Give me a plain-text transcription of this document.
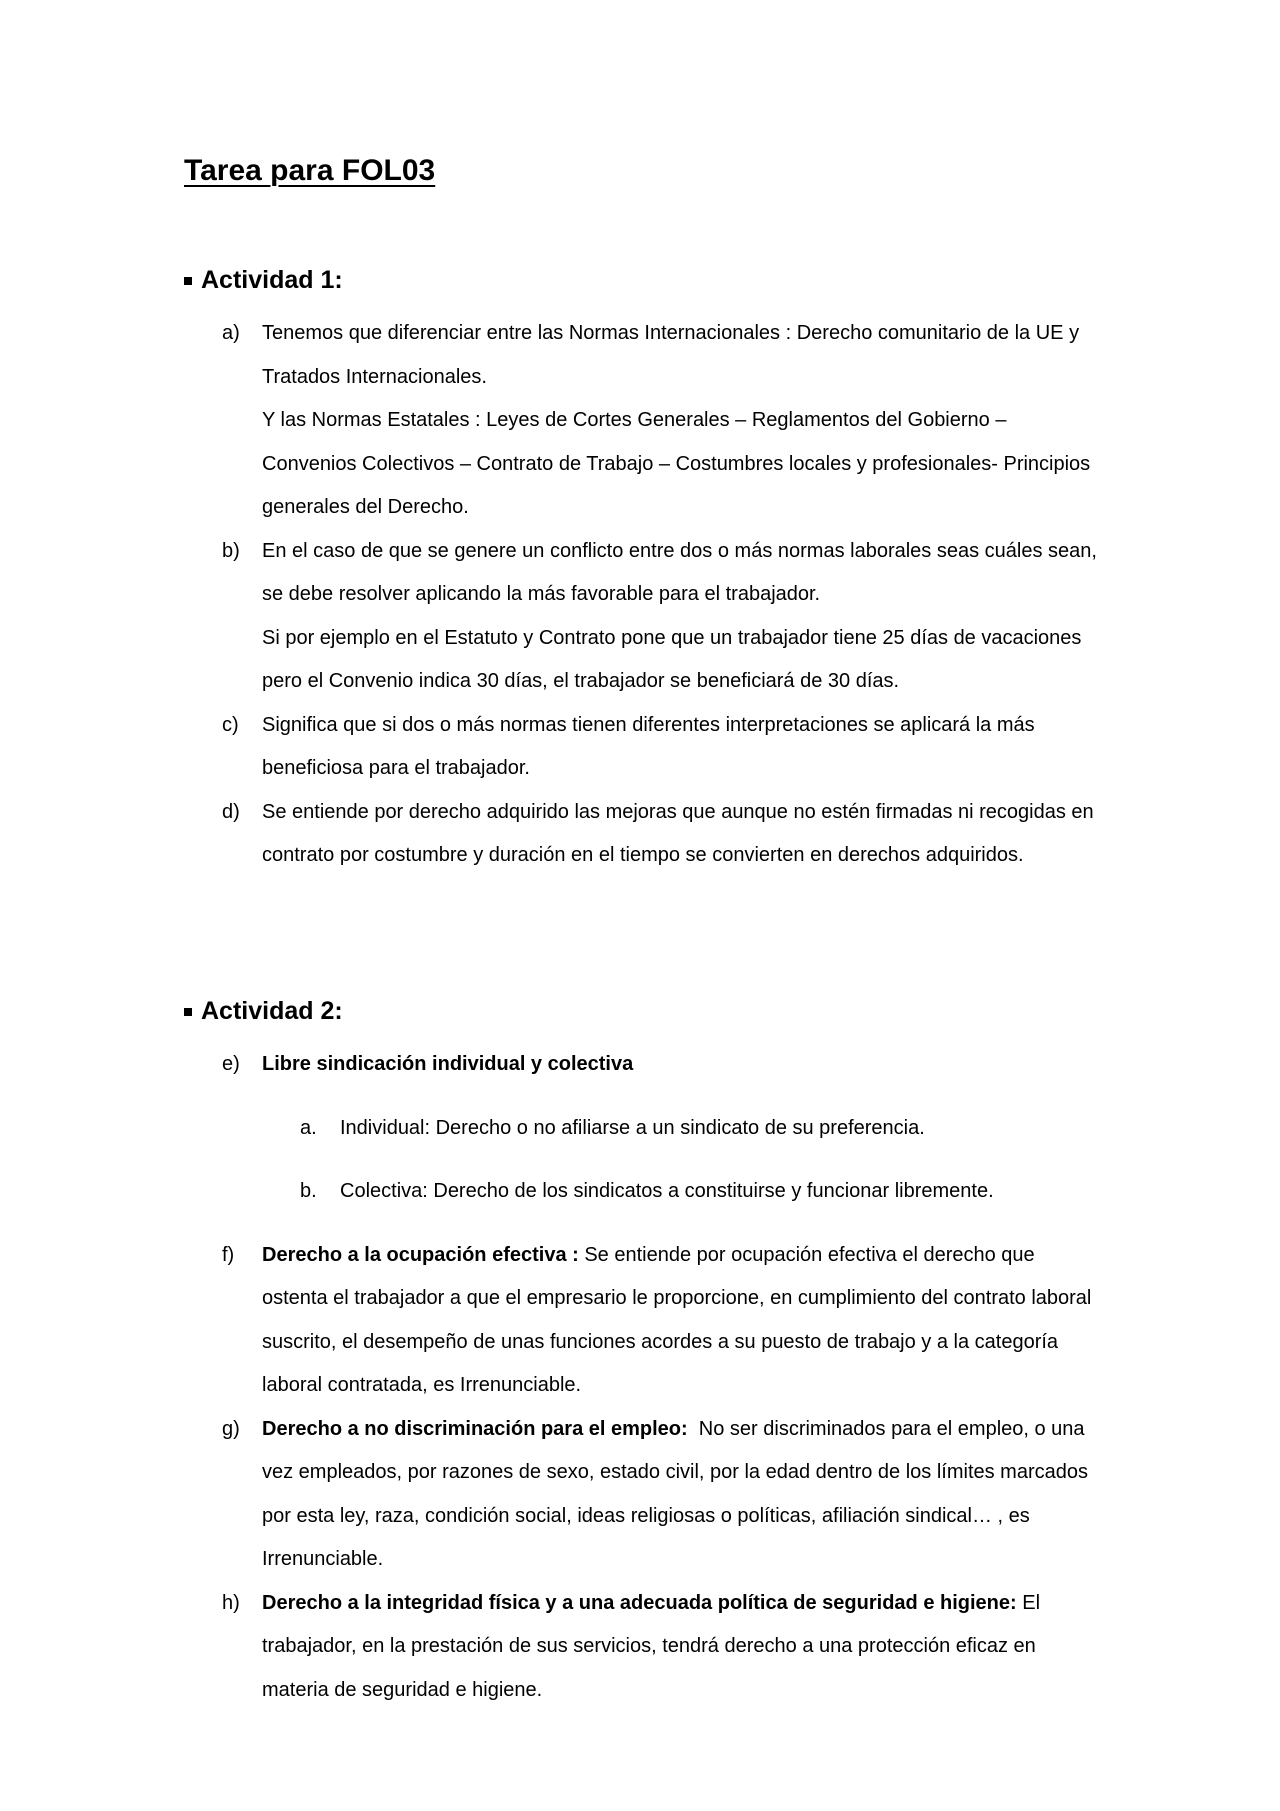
Tarea para FOL03
Actividad 1:
a)	Tenemos que diferenciar entre las Normas Internacionales : Derecho comunitario de la UE y Tratados Internacionales.

Y las Normas Estatales : Leyes de Cortes Generales – Reglamentos del Gobierno – Convenios Colectivos – Contrato de Trabajo – Costumbres locales y profesionales- Principios generales del Derecho.

b)	En el caso de que se genere un conflicto entre dos o más normas laborales seas cuáles sean, se debe resolver aplicando la más favorable para el trabajador.

Si por ejemplo en el Estatuto y Contrato pone que un trabajador tiene 25 días de vacaciones pero el Convenio indica 30 días, el trabajador se beneficiará de 30 días.

c)	Significa que si dos o más normas tienen diferentes interpretaciones se aplicará la más beneficiosa para el trabajador.

d)	Se entiende por derecho adquirido las mejoras que aunque no estén firmadas ni recogidas en contrato por costumbre y duración en el tiempo se convierten en derechos adquiridos.

Actividad 2:
e)	Libre sindicación individual y colectiva

a.	Individual: Derecho o no afiliarse a un sindicato de su preferencia.

b.	Colectiva: Derecho de los sindicatos a constituirse y funcionar libremente.

f)	Derecho a la ocupación efectiva : Se entiende por ocupación efectiva el derecho que ostenta el trabajador a que el empresario le proporcione, en cumplimiento del contrato laboral suscrito, el desempeño de unas funciones acordes a su puesto de trabajo y a la categoría laboral contratada, es Irrenunciable.

g)	Derecho a no discriminación para el empleo:  No ser discriminados para el empleo, o una vez empleados, por razones de sexo, estado civil, por la edad dentro de los límites marcados por esta ley, raza, condición social, ideas religiosas o políticas, afiliación sindical… , es Irrenunciable.

h)	Derecho a la integridad física y a una adecuada política de seguridad e higiene: El trabajador, en la prestación de sus servicios, tendrá derecho a una protección eficaz en materia de seguridad e higiene.
